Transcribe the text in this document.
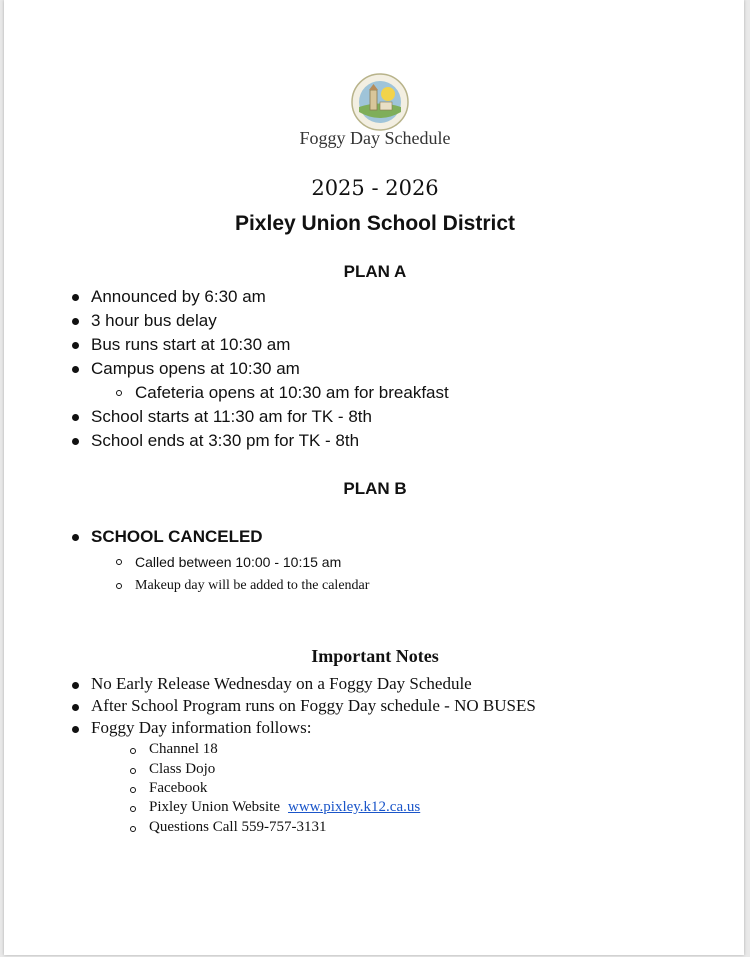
Foggy Day Schedule
2025 - 2026
Pixley Union School District
PLAN A
Announced by 6:30 am
3 hour bus delay
Bus runs start at 10:30 am
Campus opens at 10:30 am
Cafeteria opens at 10:30 am for breakfast
School starts at 11:30 am for TK - 8th
School ends at 3:30 pm for TK - 8th
PLAN B
SCHOOL CANCELED
Called between 10:00 - 10:15 am
Makeup day will be added to the calendar
Important Notes
No Early Release Wednesday on a Foggy Day Schedule
After School Program runs on Foggy Day schedule - NO BUSES
Foggy Day information follows:
Channel 18
Class Dojo
Facebook
Pixley Union Website www.pixley.k12.ca.us
Questions Call 559-757-3131
